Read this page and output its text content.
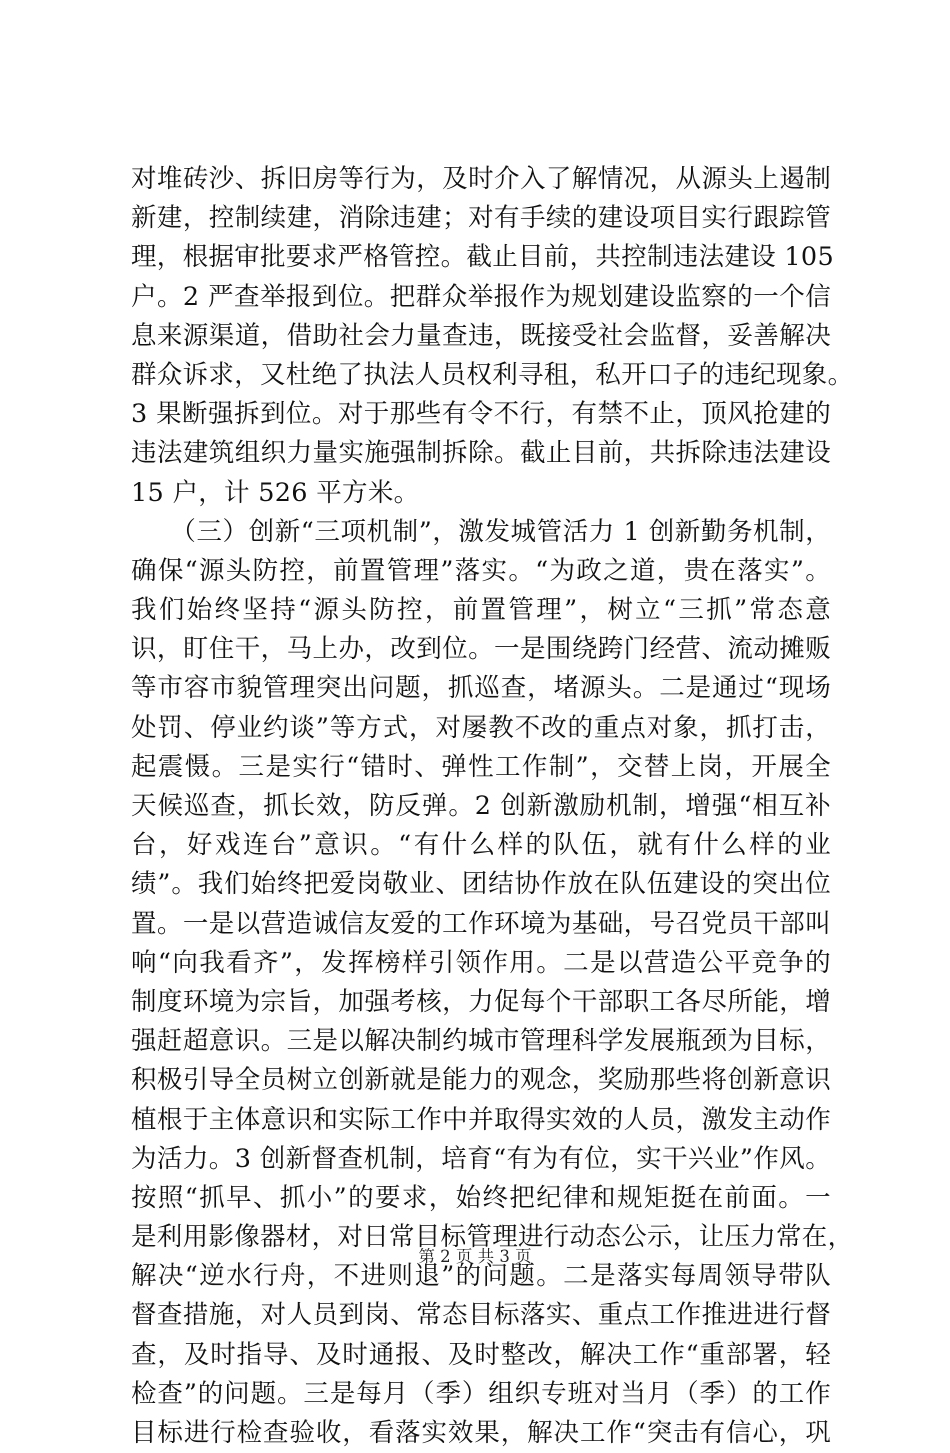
对堆砖沙、拆旧房等行为，及时介入了解情况，从源头上遏制
新建，控制续建，消除违建；对有手续的建设项目实行跟踪管
理，根据审批要求严格管控。截止目前，共控制违法建设 105
户。2 严查举报到位。把群众举报作为规划建设监察的一个信
息来源渠道，借助社会力量查违，既接受社会监督，妥善解决
群众诉求，又杜绝了执法人员权利寻租，私开口子的违纪现象。
3 果断强拆到位。对于那些有令不行，有禁不止，顶风抢建的
违法建筑组织力量实施强制拆除。截止目前，共拆除违法建设
15 户，计 526 平方米。
　　（三）创新“三项机制”，激发城管活力 1 创新勤务机制，
确保“源头防控，前置管理”落实。“为政之道，贵在落实”。
我们始终坚持“源头防控，前置管理”，树立“三抓”常态意
识，盯住干，马上办，改到位。一是围绕跨门经营、流动摊贩
等市容市貌管理突出问题，抓巡查，堵源头。二是通过“现场
处罚、停业约谈”等方式，对屡教不改的重点对象，抓打击，
起震慑。三是实行“错时、弹性工作制”，交替上岗，开展全
天候巡查，抓长效，防反弹。2 创新激励机制，增强“相互补
台，好戏连台”意识。“有什么样的队伍，就有什么样的业
绩”。我们始终把爱岗敬业、团结协作放在队伍建设的突出位
置。一是以营造诚信友爱的工作环境为基础，号召党员干部叫
响“向我看齐”，发挥榜样引领作用。二是以营造公平竞争的
制度环境为宗旨，加强考核，力促每个干部职工各尽所能，增
强赶超意识。三是以解决制约城市管理科学发展瓶颈为目标，
积极引导全员树立创新就是能力的观念，奖励那些将创新意识
植根于主体意识和实际工作中并取得实效的人员，激发主动作
为活力。3 创新督查机制，培育“有为有位，实干兴业”作风。
按照“抓早、抓小”的要求，始终把纪律和规矩挺在前面。一
是利用影像器材，对日常目标管理进行动态公示，让压力常在，
解决“逆水行舟，不进则退”的问题。二是落实每周领导带队
督查措施，对人员到岗、常态目标落实、重点工作推进进行督
查，及时指导、及时通报、及时整改，解决工作“重部署，轻
检查”的问题。三是每月（季）组织专班对当月（季）的工作
目标进行检查验收，看落实效果，解决工作“突击有信心，巩
第 2 页 共 3 页
